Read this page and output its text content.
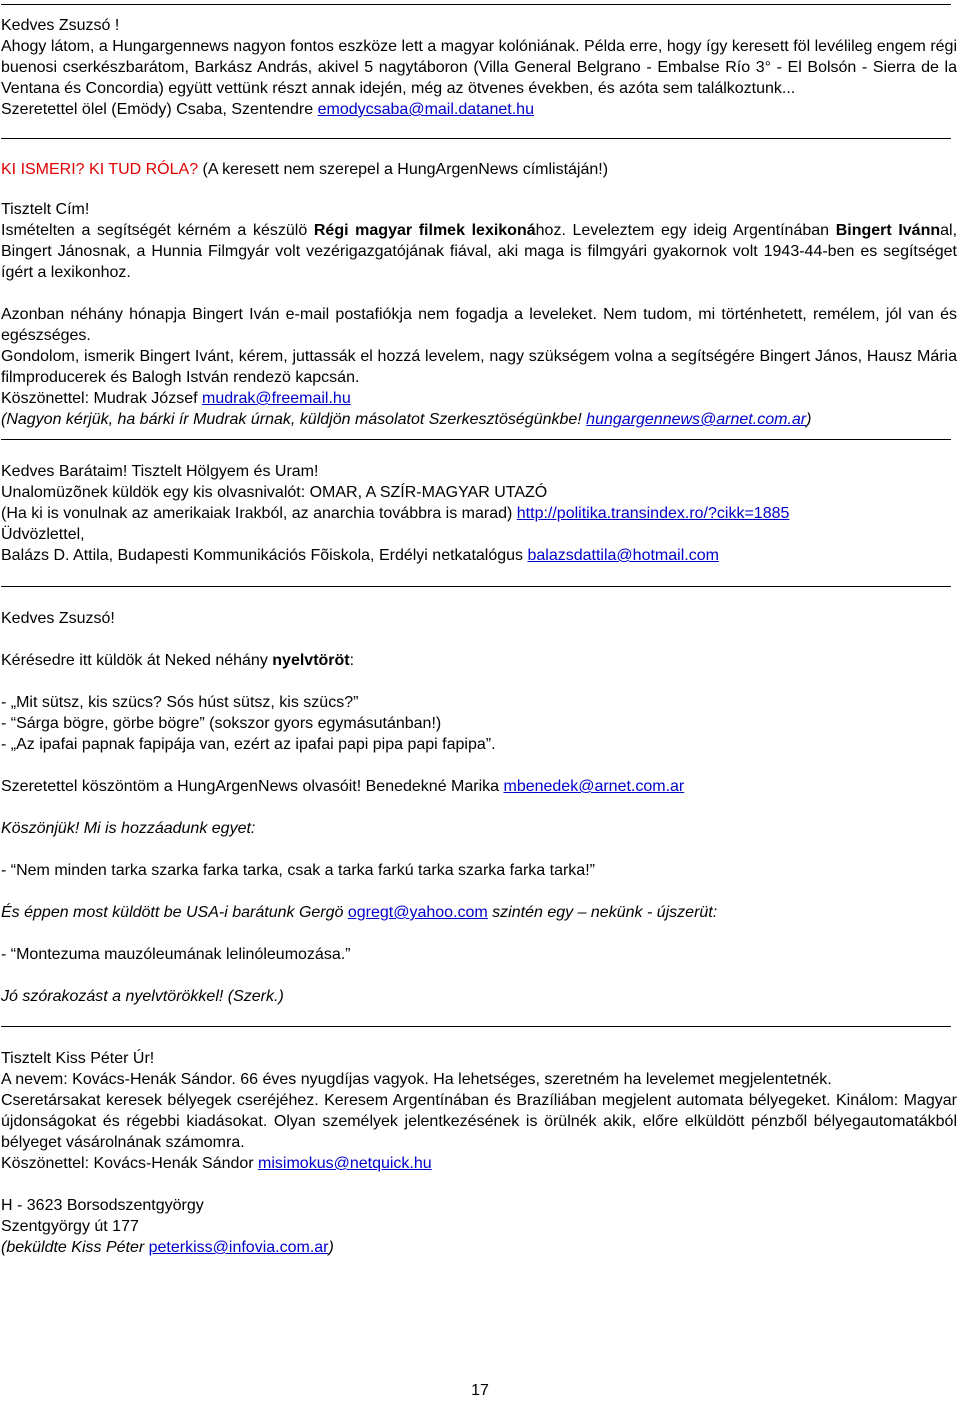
Kedves Zsuzsó !

Ahogy látom, a Hungargennews nagyon fontos eszköze lett a magyar kolóniának. Példa erre, hogy így keresett föl levélileg engem régi buenosi cserkészbarátom, Barkász András, akivel 5 nagytáboron (Villa General Belgrano - Embalse Río 3° - El Bolsón - Sierra de la Ventana és Concordia) együtt vettünk részt annak idején, még az ötvenes években, és azóta sem találkoztunk...

Szeretettel ölel (Emödy) Csaba, Szentendre emodycsaba@mail.datanet.hu

KI ISMERI? KI TUD RÓLA? (A keresett nem szerepel a HungArgenNews címlistáján!)

Tisztelt Cím!

Ismételten a segítségét kérném a készülö Régi magyar filmek lexikonához. Leveleztem egy ideig Argentínában Bingert Ivánnal, Bingert Jánosnak, a Hunnia Filmgyár volt vezérigazgatójának fiával, aki maga is filmgyári gyakornok volt 1943-44-ben es segítséget ígért a lexikonhoz.

Azonban néhány hónapja Bingert Iván e-mail postafiókja nem fogadja a leveleket. Nem tudom, mi történhetett, remélem, jól van és egészséges.

Gondolom, ismerik Bingert Ivánt, kérem, juttassák el hozzá levelem, nagy szükségem volna a segítségére Bingert János, Hausz Mária filmproducerek és Balogh István rendezö kapcsán.

Köszönettel: Mudrak József mudrak@freemail.hu

(Nagyon kérjük, ha bárki ír Mudrak úrnak, küldjön másolatot Szerkesztöségünkbe! hungargennews@arnet.com.ar)

Kedves Barátaim! Tisztelt Hölgyem és Uram!

Unalomüzõnek küldök egy kis olvasnivalót: OMAR, A SZÍR-MAGYAR UTAZÓ

(Ha ki is vonulnak az amerikaiak Irakból, az anarchia továbbra is marad) http://politika.transindex.ro/?cikk=1885

Üdvözlettel,

Balázs D. Attila, Budapesti Kommunikációs Fõiskola, Erdélyi netkatalógus balazsdattila@hotmail.com

Kedves Zsuzsó!

Kérésedre itt küldök át Neked néhány nyelvtöröt:

- „Mit sütsz, kis szücs? Sós húst sütsz, kis szücs?”

- “Sárga bögre, görbe bögre” (sokszor gyors egymásutánban!)

- „Az ipafai papnak fapipája van, ezért az ipafai papi pipa papi fapipa”.

Szeretettel köszöntöm a HungArgenNews olvasóit! Benedekné Marika mbenedek@arnet.com.ar

Köszönjük! Mi is hozzáadunk egyet:

- “Nem minden tarka szarka farka tarka, csak a tarka farkú tarka szarka farka tarka!”

És éppen most küldött be USA-i barátunk Gergö ogregt@yahoo.com szintén egy – nekünk - újszerüt:

- “Montezuma mauzóleumának lelinóleumozása.”

Jó szórakozást a nyelvtörökkel! (Szerk.)

Tisztelt Kiss Péter Úr!

A nevem: Kovács-Henák Sándor. 66 éves nyugdíjas vagyok. Ha lehetséges, szeretném ha levelemet megjelentetnék.

Cseretársakat keresek bélyegek cseréjéhez. Keresem Argentínában és Brazíliában megjelent automata bélyegeket. Kinálom: Magyar újdonságokat és régebbi kiadásokat. Olyan személyek jelentkezésének is örülnék akik, előre elküldött pénzből bélyegautomatákból bélyeget vásárolnának számomra.

Köszönettel: Kovács-Henák Sándor misimokus@netquick.hu

H - 3623 Borsodszentgyörgy

Szentgyörgy út 177

(beküldte Kiss Péter peterkiss@infovia.com.ar)

17
